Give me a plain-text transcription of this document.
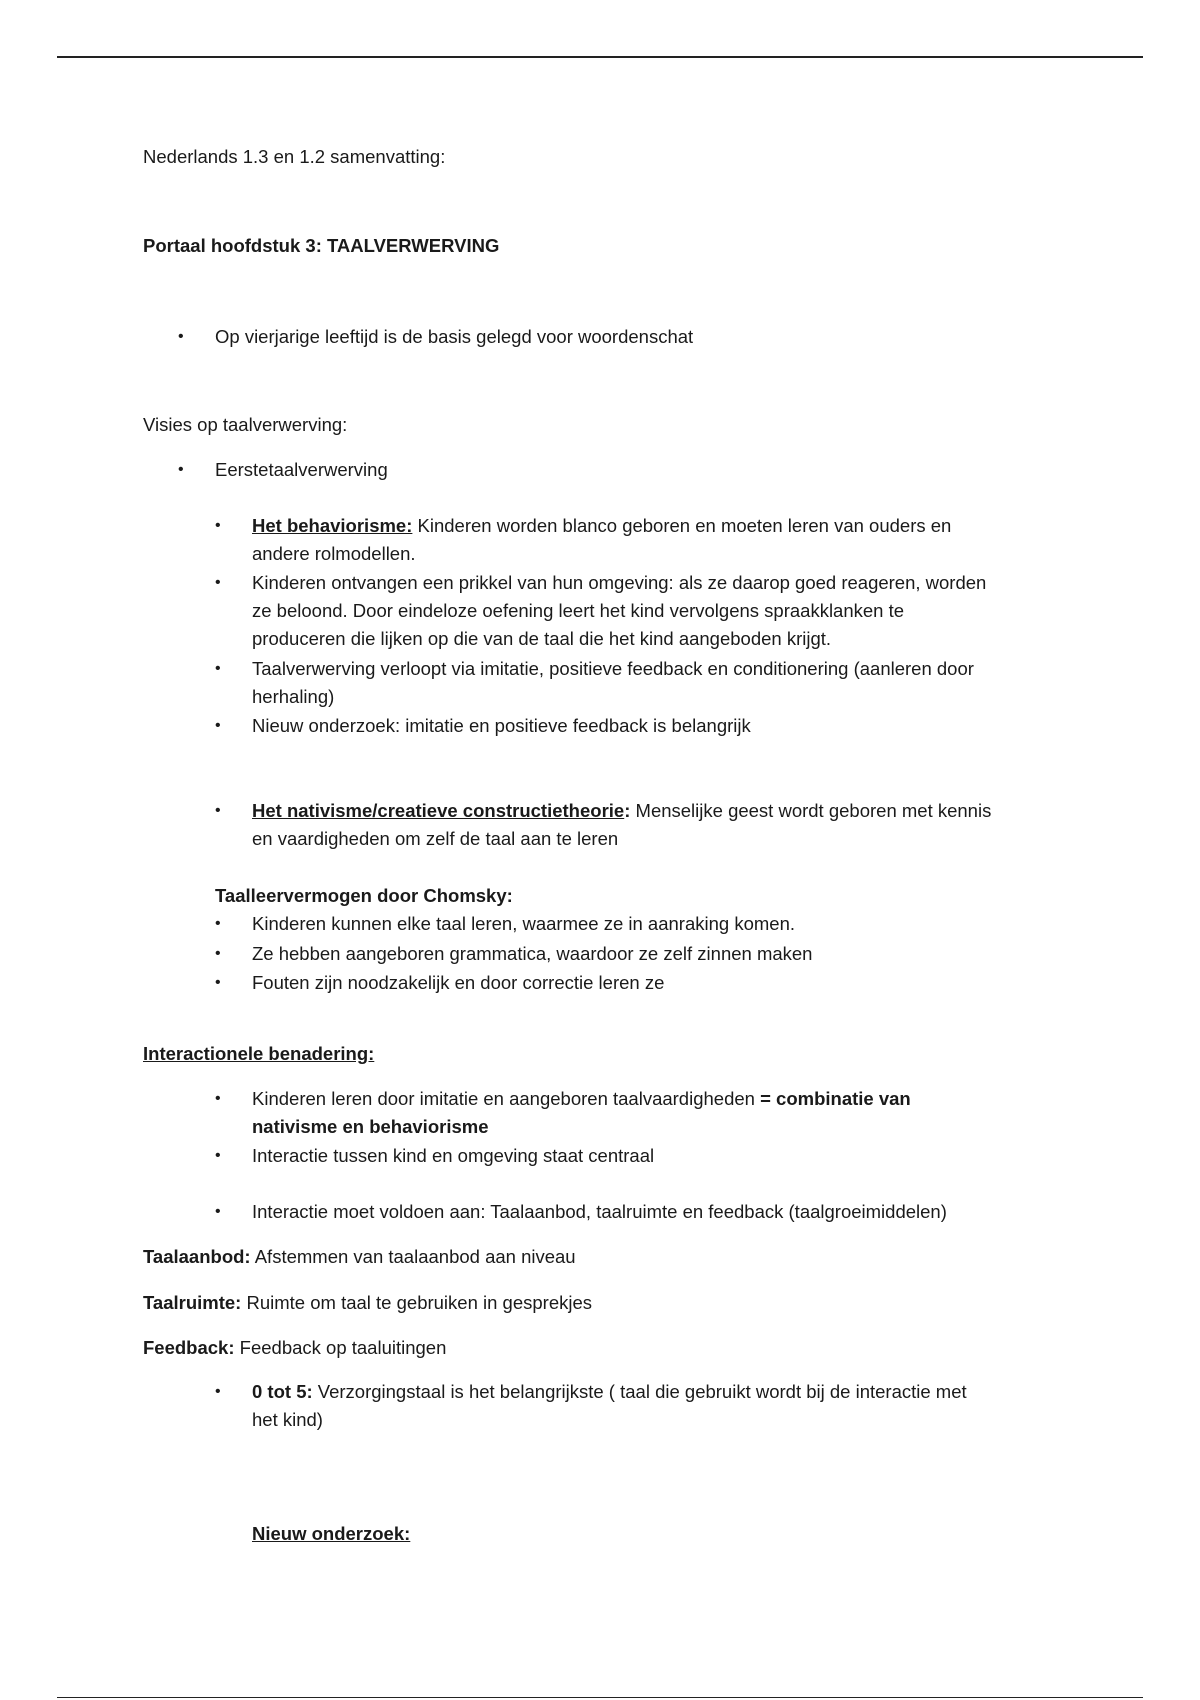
Nederlands 1.3 en 1.2 samenvatting:

Portaal hoofdstuk 3: TAALVERWERVING

• Op vierjarige leeftijd is de basis gelegd voor woordenschat

Visies op taalverwerving:

• Eerstetaalverwerving

• Het behaviorisme: Kinderen worden blanco geboren en moeten leren van ouders en

andere rolmodellen.

• Kinderen ontvangen een prikkel van hun omgeving: als ze daarop goed reageren, worden

ze beloond. Door eindeloze oefening leert het kind vervolgens spraakklanken te

produceren die lijken op die van de taal die het kind aangeboden krijgt.

• Taalverwerving verloopt via imitatie, positieve feedback en conditionering (aanleren door

herhaling)

• Nieuw onderzoek: imitatie en positieve feedback is belangrijk

• Het nativisme/creatieve constructietheorie: Menselijke geest wordt geboren met kennis

en vaardigheden om zelf de taal aan te leren

Taalleervermogen door Chomsky:

• Kinderen kunnen elke taal leren, waarmee ze in aanraking komen.

• Ze hebben aangeboren grammatica, waardoor ze zelf zinnen maken

• Fouten zijn noodzakelijk en door correctie leren ze

Interactionele benadering:

• Kinderen leren door imitatie en aangeboren taalvaardigheden = combinatie van

nativisme en behaviorisme

• Interactie tussen kind en omgeving staat centraal

• Interactie moet voldoen aan: Taalaanbod, taalruimte en feedback (taalgroeimiddelen)

Taalaanbod: Afstemmen van taalaanbod aan niveau

Taalruimte: Ruimte om taal te gebruiken in gesprekjes

Feedback: Feedback op taaluitingen

• 0 tot 5: Verzorgingstaal is het belangrijkste ( taal die gebruikt wordt bij de interactie met

het kind)

Nieuw onderzoek:
